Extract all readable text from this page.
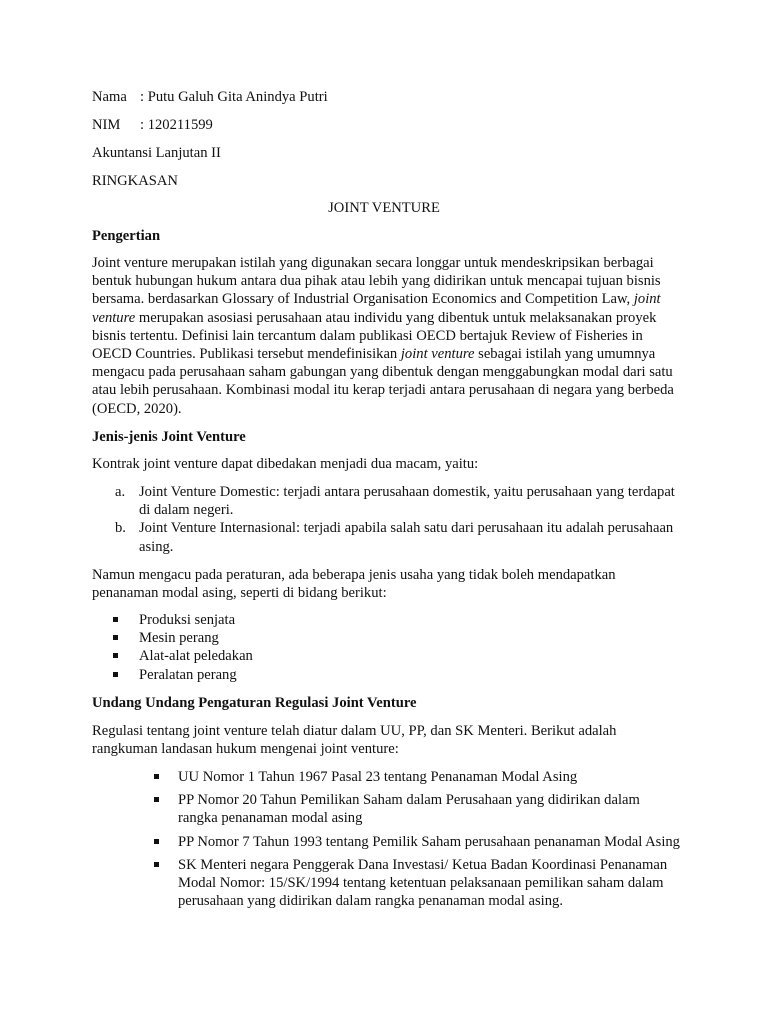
Nama : Putu Galuh Gita Anindya Putri
NIM : 120211599
Akuntansi Lanjutan II
RINGKASAN
JOINT VENTURE
Pengertian

Joint venture merupakan istilah yang digunakan secara longgar untuk mendeskripsikan berbagai bentuk hubungan hukum antara dua pihak atau lebih yang didirikan untuk mencapai tujuan bisnis bersama. berdasarkan Glossary of Industrial Organisation Economics and Competition Law, joint venture merupakan asosiasi perusahaan atau individu yang dibentuk untuk melaksanakan proyek bisnis tertentu. Definisi lain tercantum dalam publikasi OECD bertajuk Review of Fisheries in OECD Countries. Publikasi tersebut mendefinisikan joint venture sebagai istilah yang umumnya mengacu pada perusahaan saham gabungan yang dibentuk dengan menggabungkan modal dari satu atau lebih perusahaan. Kombinasi modal itu kerap terjadi antara perusahaan di negara yang berbeda (OECD, 2020).

Jenis-jenis Joint Venture
Kontrak joint venture dapat dibedakan menjadi dua macam, yaitu:
a. Joint Venture Domestic: terjadi antara perusahaan domestik, yaitu perusahaan yang terdapat di dalam negeri.
b. Joint Venture Internasional: terjadi apabila salah satu dari perusahaan itu adalah perusahaan asing.
Namun mengacu pada peraturan, ada beberapa jenis usaha yang tidak boleh mendapatkan penanaman modal asing, seperti di bidang berikut:
Produksi senjata
Mesin perang
Alat-alat peledakan
Peralatan perang
Undang Undang Pengaturan Regulasi Joint Venture
Regulasi tentang joint venture telah diatur dalam UU, PP, dan SK Menteri. Berikut adalah rangkuman landasan hukum mengenai joint venture:
UU Nomor 1 Tahun 1967 Pasal 23 tentang Penanaman Modal Asing
PP Nomor 20 Tahun Pemilikan Saham dalam Perusahaan yang didirikan dalam rangka penanaman modal asing
PP Nomor 7 Tahun 1993 tentang Pemilik Saham perusahaan penanaman Modal Asing
SK Menteri negara Penggerak Dana Investasi/ Ketua Badan Koordinasi Penanaman Modal Nomor: 15/SK/1994 tentang ketentuan pelaksanaan pemilikan saham dalam perusahaan yang didirikan dalam rangka penanaman modal asing.
